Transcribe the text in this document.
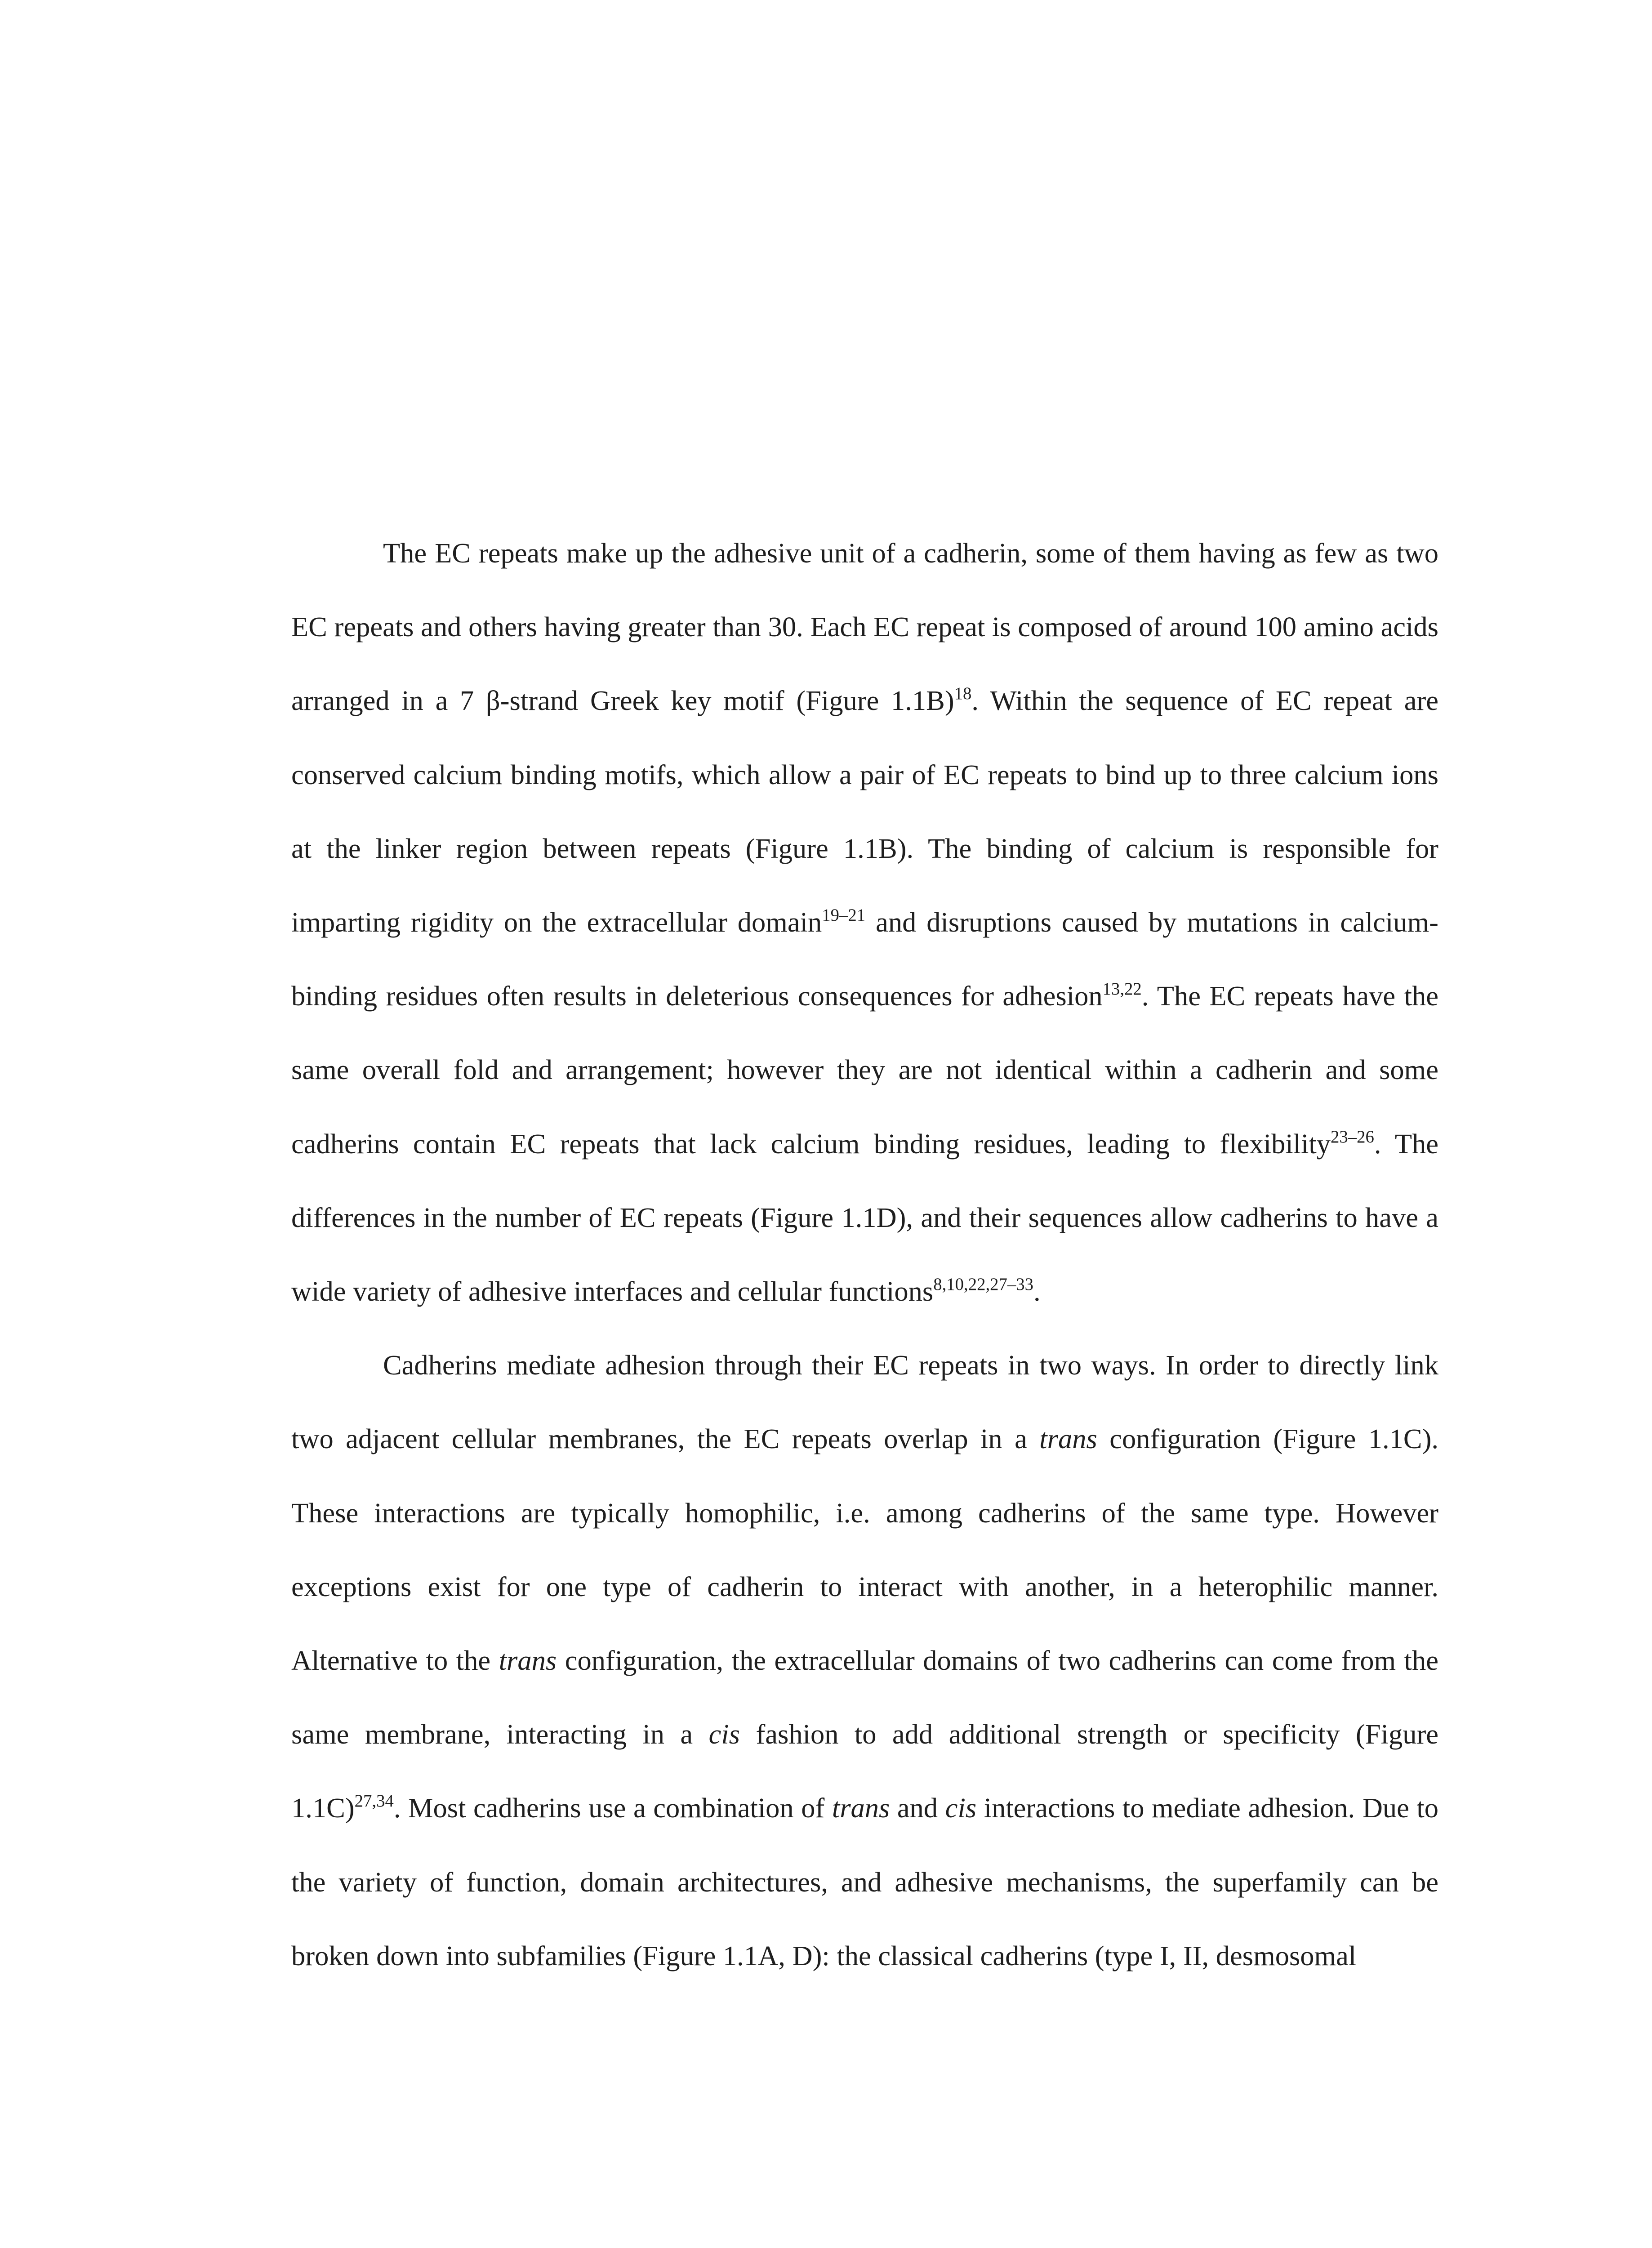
The EC repeats make up the adhesive unit of a cadherin, some of them having as few as two EC repeats and others having greater than 30. Each EC repeat is composed of around 100 amino acids arranged in a 7 β-strand Greek key motif (Figure 1.1B)$^{18}$. Within the sequence of EC repeat are conserved calcium binding motifs, which allow a pair of EC repeats to bind up to three calcium ions at the linker region between repeats (Figure 1.1B). The binding of calcium is responsible for imparting rigidity on the extracellular domain$^{19-21}$ and disruptions caused by mutations in calcium-binding residues often results in deleterious consequences for adhesion$^{13,22}$. The EC repeats have the same overall fold and arrangement; however they are not identical within a cadherin and some cadherins contain EC repeats that lack calcium binding residues, leading to flexibility$^{23-26}$. The differences in the number of EC repeats (Figure 1.1D), and their sequences allow cadherins to have a wide variety of adhesive interfaces and cellular functions$^{8,10,22,27-33}$.

Cadherins mediate adhesion through their EC repeats in two ways. In order to directly link two adjacent cellular membranes, the EC repeats overlap in a trans configuration (Figure 1.1C). These interactions are typically homophilic, i.e. among cadherins of the same type. However exceptions exist for one type of cadherin to interact with another, in a heterophilic manner. Alternative to the trans configuration, the extracellular domains of two cadherins can come from the same membrane, interacting in a cis fashion to add additional strength or specificity (Figure 1.1C)$^{27,34}$. Most cadherins use a combination of trans and cis interactions to mediate adhesion. Due to the variety of function, domain architectures, and adhesive mechanisms, the superfamily can be broken down into subfamilies (Figure 1.1A, D): the classical cadherins (type I, II, desmosomal
